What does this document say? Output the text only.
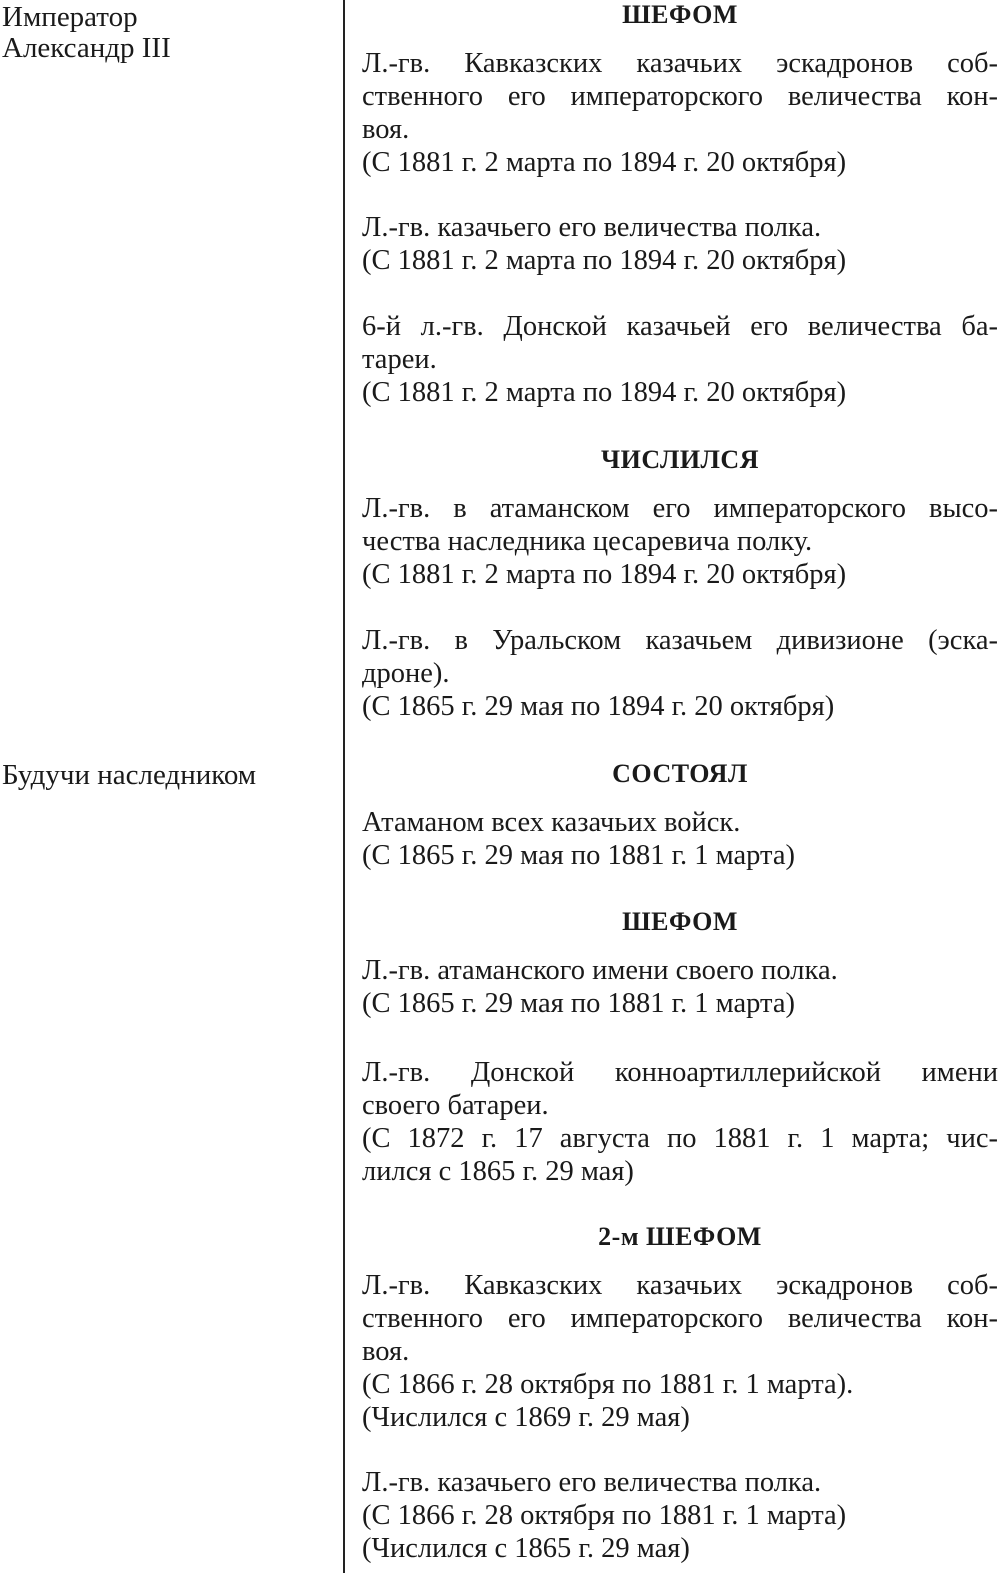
Император
Александр III
Будучи наследником
ШЕФОМ
Л.-гв. Кавказских казачьих эскадронов соб-
ственного его императорского величества кон-
воя.
(С 1881 г. 2 марта по 1894 г. 20 октября)
Л.-гв. казачьего его величества полка.
(С 1881 г. 2 марта по 1894 г. 20 октября)
6-й л.-гв. Донской казачьей его величества ба-
тареи.
(С 1881 г. 2 марта по 1894 г. 20 октября)
ЧИСЛИЛСЯ
Л.-гв. в атаманском его императорского высо-
чества наследника цесаревича полку.
(С 1881 г. 2 марта по 1894 г. 20 октября)
Л.-гв. в Уральском казачьем дивизионе (эска-
дроне).
(С 1865 г. 29 мая по 1894 г. 20 октября)
СОСТОЯЛ
Атаманом всех казачьих войск.
(С 1865 г. 29 мая по 1881 г. 1 марта)
ШЕФОМ
Л.-гв. атаманского имени своего полка.
(С 1865 г. 29 мая по 1881 г. 1 марта)
Л.-гв. Донской конноартиллерийской имени
своего батареи.
(С 1872 г. 17 августа по 1881 г. 1 марта; чис-
лился с 1865 г. 29 мая)
2-м ШЕФОМ
Л.-гв. Кавказских казачьих эскадронов соб-
ственного его императорского величества кон-
воя.
(С 1866 г. 28 октября по 1881 г. 1 марта).
(Числился с 1869 г. 29 мая)
Л.-гв. казачьего его величества полка.
(С 1866 г. 28 октября по 1881 г. 1 марта)
(Числился с 1865 г. 29 мая)
